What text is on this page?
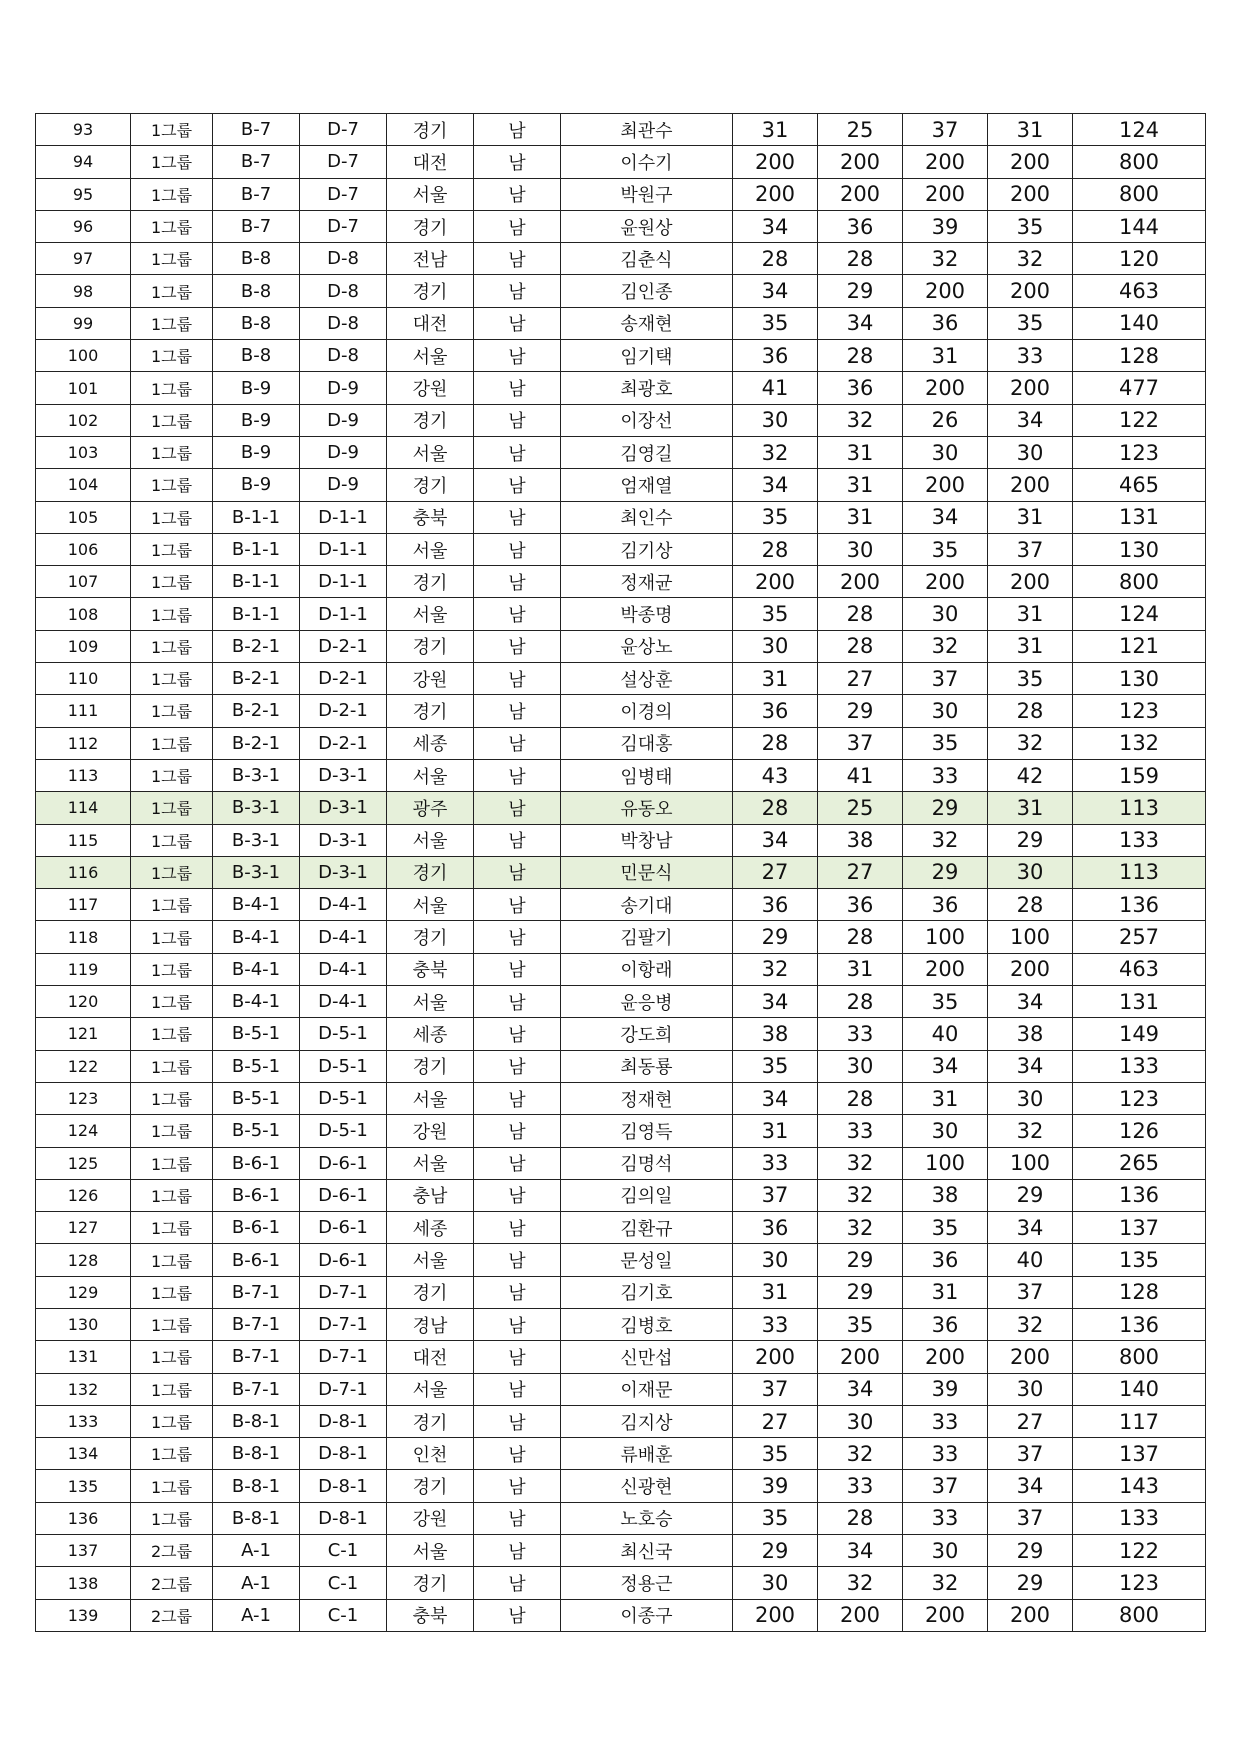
93	1그룹	B-7	D-7	경기	남	최관수	31	25	37	31	124
94	1그룹	B-7	D-7	대전	남	이수기	200	200	200	200	800
95	1그룹	B-7	D-7	서울	남	박원구	200	200	200	200	800
96	1그룹	B-7	D-7	경기	남	윤원상	34	36	39	35	144
97	1그룹	B-8	D-8	전남	남	김춘식	28	28	32	32	120
98	1그룹	B-8	D-8	경기	남	김인종	34	29	200	200	463
99	1그룹	B-8	D-8	대전	남	송재현	35	34	36	35	140
100	1그룹	B-8	D-8	서울	남	임기택	36	28	31	33	128
101	1그룹	B-9	D-9	강원	남	최광호	41	36	200	200	477
102	1그룹	B-9	D-9	경기	남	이장선	30	32	26	34	122
103	1그룹	B-9	D-9	서울	남	김영길	32	31	30	30	123
104	1그룹	B-9	D-9	경기	남	엄재열	34	31	200	200	465
105	1그룹	B-1-1	D-1-1	충북	남	최인수	35	31	34	31	131
106	1그룹	B-1-1	D-1-1	서울	남	김기상	28	30	35	37	130
107	1그룹	B-1-1	D-1-1	경기	남	정재균	200	200	200	200	800
108	1그룹	B-1-1	D-1-1	서울	남	박종명	35	28	30	31	124
109	1그룹	B-2-1	D-2-1	경기	남	윤상노	30	28	32	31	121
110	1그룹	B-2-1	D-2-1	강원	남	설상훈	31	27	37	35	130
111	1그룹	B-2-1	D-2-1	경기	남	이경의	36	29	30	28	123
112	1그룹	B-2-1	D-2-1	세종	남	김대홍	28	37	35	32	132
113	1그룹	B-3-1	D-3-1	서울	남	임병태	43	41	33	42	159
114	1그룹	B-3-1	D-3-1	광주	남	유동오	28	25	29	31	113
115	1그룹	B-3-1	D-3-1	서울	남	박창남	34	38	32	29	133
116	1그룹	B-3-1	D-3-1	경기	남	민문식	27	27	29	30	113
117	1그룹	B-4-1	D-4-1	서울	남	송기대	36	36	36	28	136
118	1그룹	B-4-1	D-4-1	경기	남	김팔기	29	28	100	100	257
119	1그룹	B-4-1	D-4-1	충북	남	이항래	32	31	200	200	463
120	1그룹	B-4-1	D-4-1	서울	남	윤응병	34	28	35	34	131
121	1그룹	B-5-1	D-5-1	세종	남	강도희	38	33	40	38	149
122	1그룹	B-5-1	D-5-1	경기	남	최동룡	35	30	34	34	133
123	1그룹	B-5-1	D-5-1	서울	남	정재현	34	28	31	30	123
124	1그룹	B-5-1	D-5-1	강원	남	김영득	31	33	30	32	126
125	1그룹	B-6-1	D-6-1	서울	남	김명석	33	32	100	100	265
126	1그룹	B-6-1	D-6-1	충남	남	김의일	37	32	38	29	136
127	1그룹	B-6-1	D-6-1	세종	남	김환규	36	32	35	34	137
128	1그룹	B-6-1	D-6-1	서울	남	문성일	30	29	36	40	135
129	1그룹	B-7-1	D-7-1	경기	남	김기호	31	29	31	37	128
130	1그룹	B-7-1	D-7-1	경남	남	김병호	33	35	36	32	136
131	1그룹	B-7-1	D-7-1	대전	남	신만섭	200	200	200	200	800
132	1그룹	B-7-1	D-7-1	서울	남	이재문	37	34	39	30	140
133	1그룹	B-8-1	D-8-1	경기	남	김지상	27	30	33	27	117
134	1그룹	B-8-1	D-8-1	인천	남	류배훈	35	32	33	37	137
135	1그룹	B-8-1	D-8-1	경기	남	신광현	39	33	37	34	143
136	1그룹	B-8-1	D-8-1	강원	남	노호승	35	28	33	37	133
137	2그룹	A-1	C-1	서울	남	최신국	29	34	30	29	122
138	2그룹	A-1	C-1	경기	남	정용근	30	32	32	29	123
139	2그룹	A-1	C-1	충북	남	이종구	200	200	200	200	800
